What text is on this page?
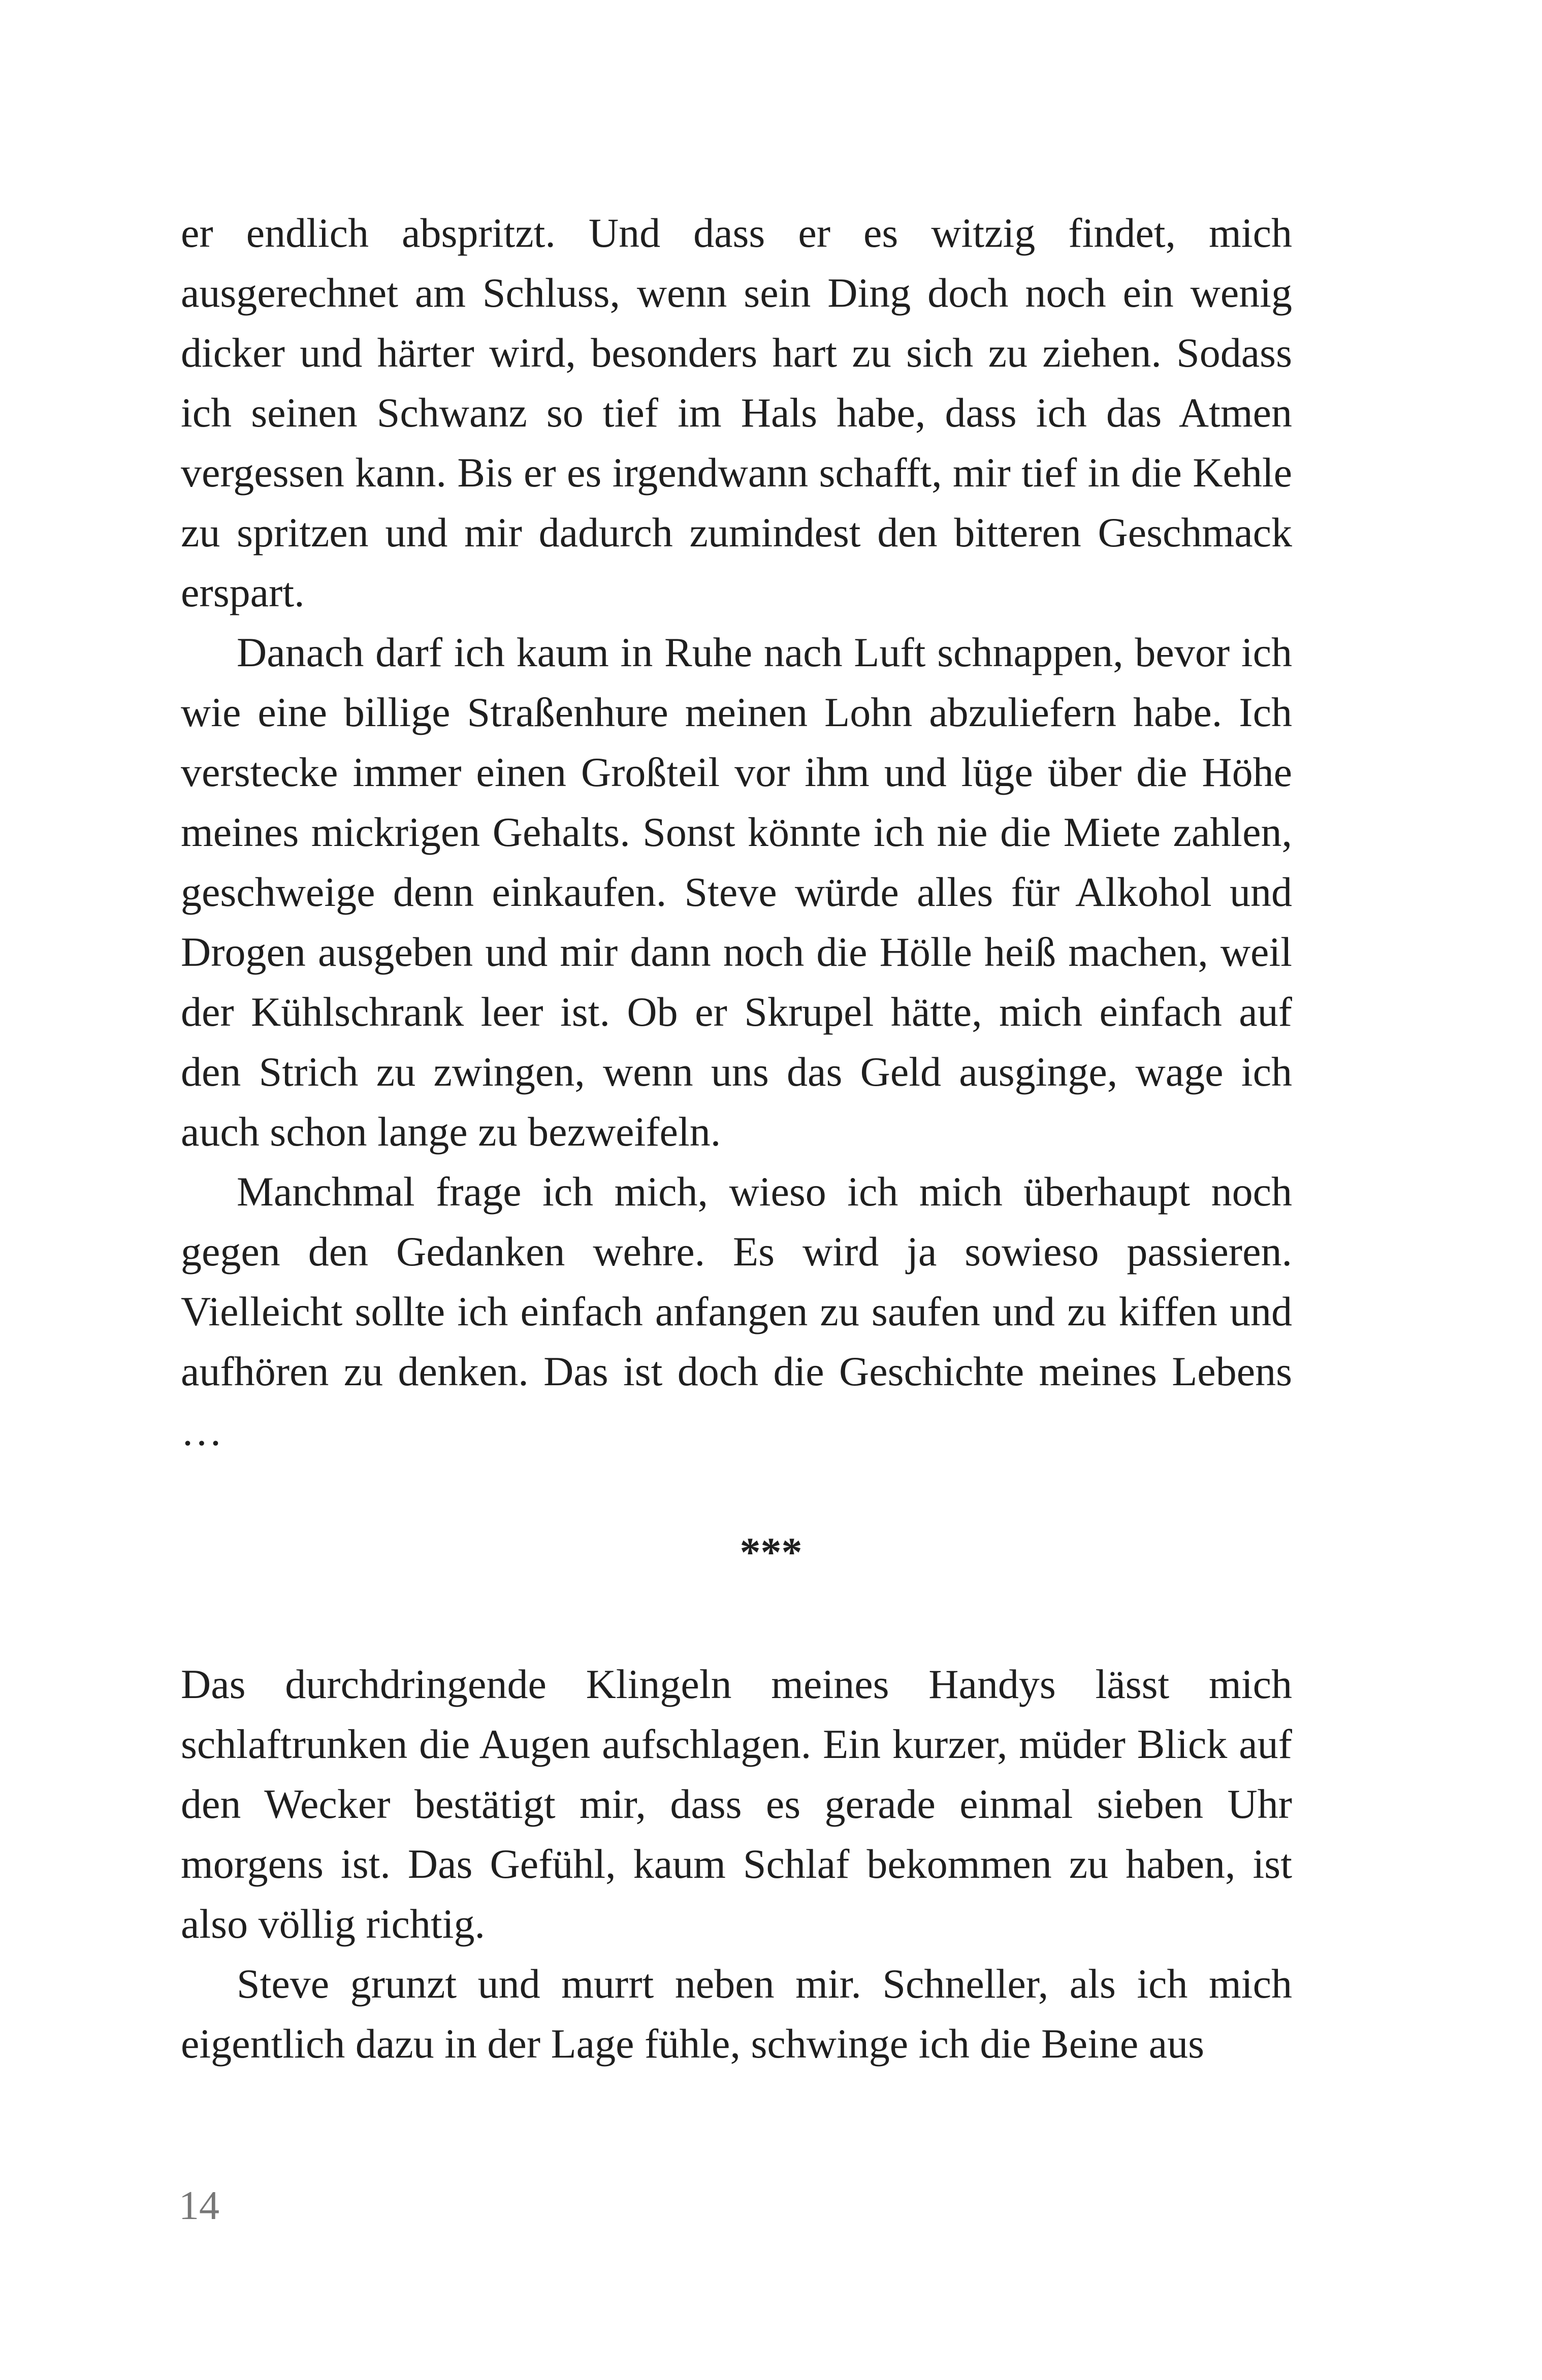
er endlich abspritzt. Und dass er es witzig findet, mich ausgerechnet am Schluss, wenn sein Ding doch noch ein wenig dicker und härter wird, besonders hart zu sich zu ziehen. Sodass ich seinen Schwanz so tief im Hals habe, dass ich das Atmen vergessen kann. Bis er es irgendwann schafft, mir tief in die Kehle zu spritzen und mir dadurch zumindest den bitteren Geschmack erspart.

Danach darf ich kaum in Ruhe nach Luft schnappen, bevor ich wie eine billige Straßenhure meinen Lohn abzuliefern habe. Ich verstecke immer einen Großteil vor ihm und lüge über die Höhe meines mickrigen Gehalts. Sonst könnte ich nie die Miete zahlen, geschweige denn einkaufen. Steve würde alles für Alkohol und Drogen ausgeben und mir dann noch die Hölle heiß machen, weil der Kühlschrank leer ist. Ob er Skrupel hätte, mich einfach auf den Strich zu zwingen, wenn uns das Geld ausginge, wage ich auch schon lange zu bezweifeln.

Manchmal frage ich mich, wieso ich mich überhaupt noch gegen den Gedanken wehre. Es wird ja sowieso passieren. Vielleicht sollte ich einfach anfangen zu saufen und zu kiffen und aufhören zu denken. Das ist doch die Geschichte meines Lebens …

***

Das durchdringende Klingeln meines Handys lässt mich schlaftrunken die Augen aufschlagen. Ein kurzer, müder Blick auf den Wecker bestätigt mir, dass es gerade einmal sieben Uhr morgens ist. Das Gefühl, kaum Schlaf bekommen zu haben, ist also völlig richtig.

Steve grunzt und murrt neben mir. Schneller, als ich mich eigentlich dazu in der Lage fühle, schwinge ich die Beine aus

14
